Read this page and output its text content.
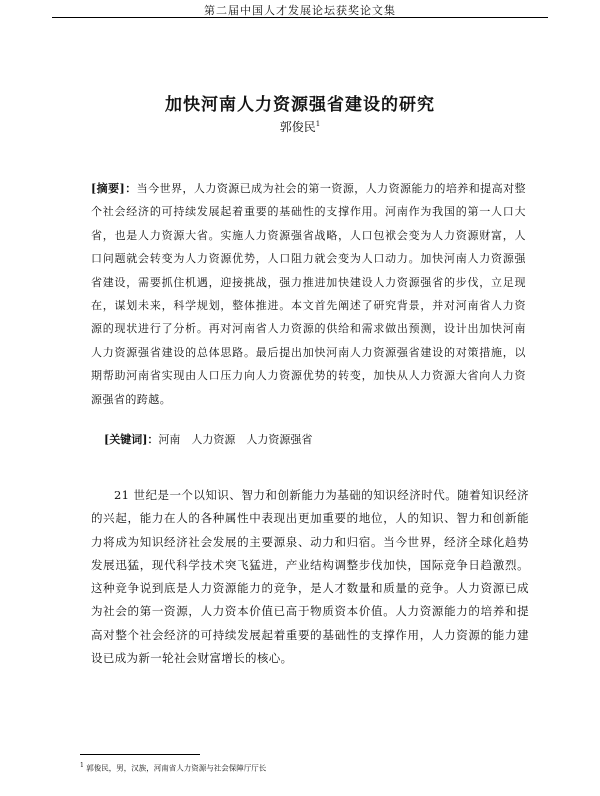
第二届中国人才发展论坛获奖论文集
加快河南人力资源强省建设的研究
郭俊民$^1$

[摘要]：当今世界，人力资源已成为社会的第一资源，人力资源能力的培养和提高对整个社会经济的可持续发展起着重要的基础性的支撑作用。河南作为我国的第一人口大省，也是人力资源大省。实施人力资源强省战略，人口包袱会变为人力资源财富，人口问题就会转变为人力资源优势，人口阻力就会变为人口动力。加快河南人力资源强省建设，需要抓住机遇，迎接挑战，强力推进加快建设人力资源强省的步伐，立足现在，谋划未来，科学规划，整体推进。本文首先阐述了研究背景，并对河南省人力资源的现状进行了分析。再对河南省人力资源的供给和需求做出预测，设计出加快河南人力资源强省建设的总体思路。最后提出加快河南人力资源强省建设的对策措施，以期帮助河南省实现由人口压力向人力资源优势的转变，加快从人力资源大省向人力资源强省的跨越。

[关键词]：河南　人力资源　人力资源强省

21 世纪是一个以知识、智力和创新能力为基础的知识经济时代。随着知识经济的兴起，能力在人的各种属性中表现出更加重要的地位，人的知识、智力和创新能力将成为知识经济社会发展的主要源泉、动力和归宿。当今世界，经济全球化趋势发展迅猛，现代科学技术突飞猛进，产业结构调整步伐加快，国际竞争日趋激烈。这种竞争说到底是人力资源能力的竞争，是人才数量和质量的竞争。人力资源已成为社会的第一资源，人力资本价值已高于物质资本价值。人力资源能力的培养和提高对整个社会经济的可持续发展起着重要的基础性的支撑作用，人力资源的能力建设已成为新一轮社会财富增长的核心。

$^1$ 郭俊民，男，汉族，河南省人力资源与社会保障厅厅长
